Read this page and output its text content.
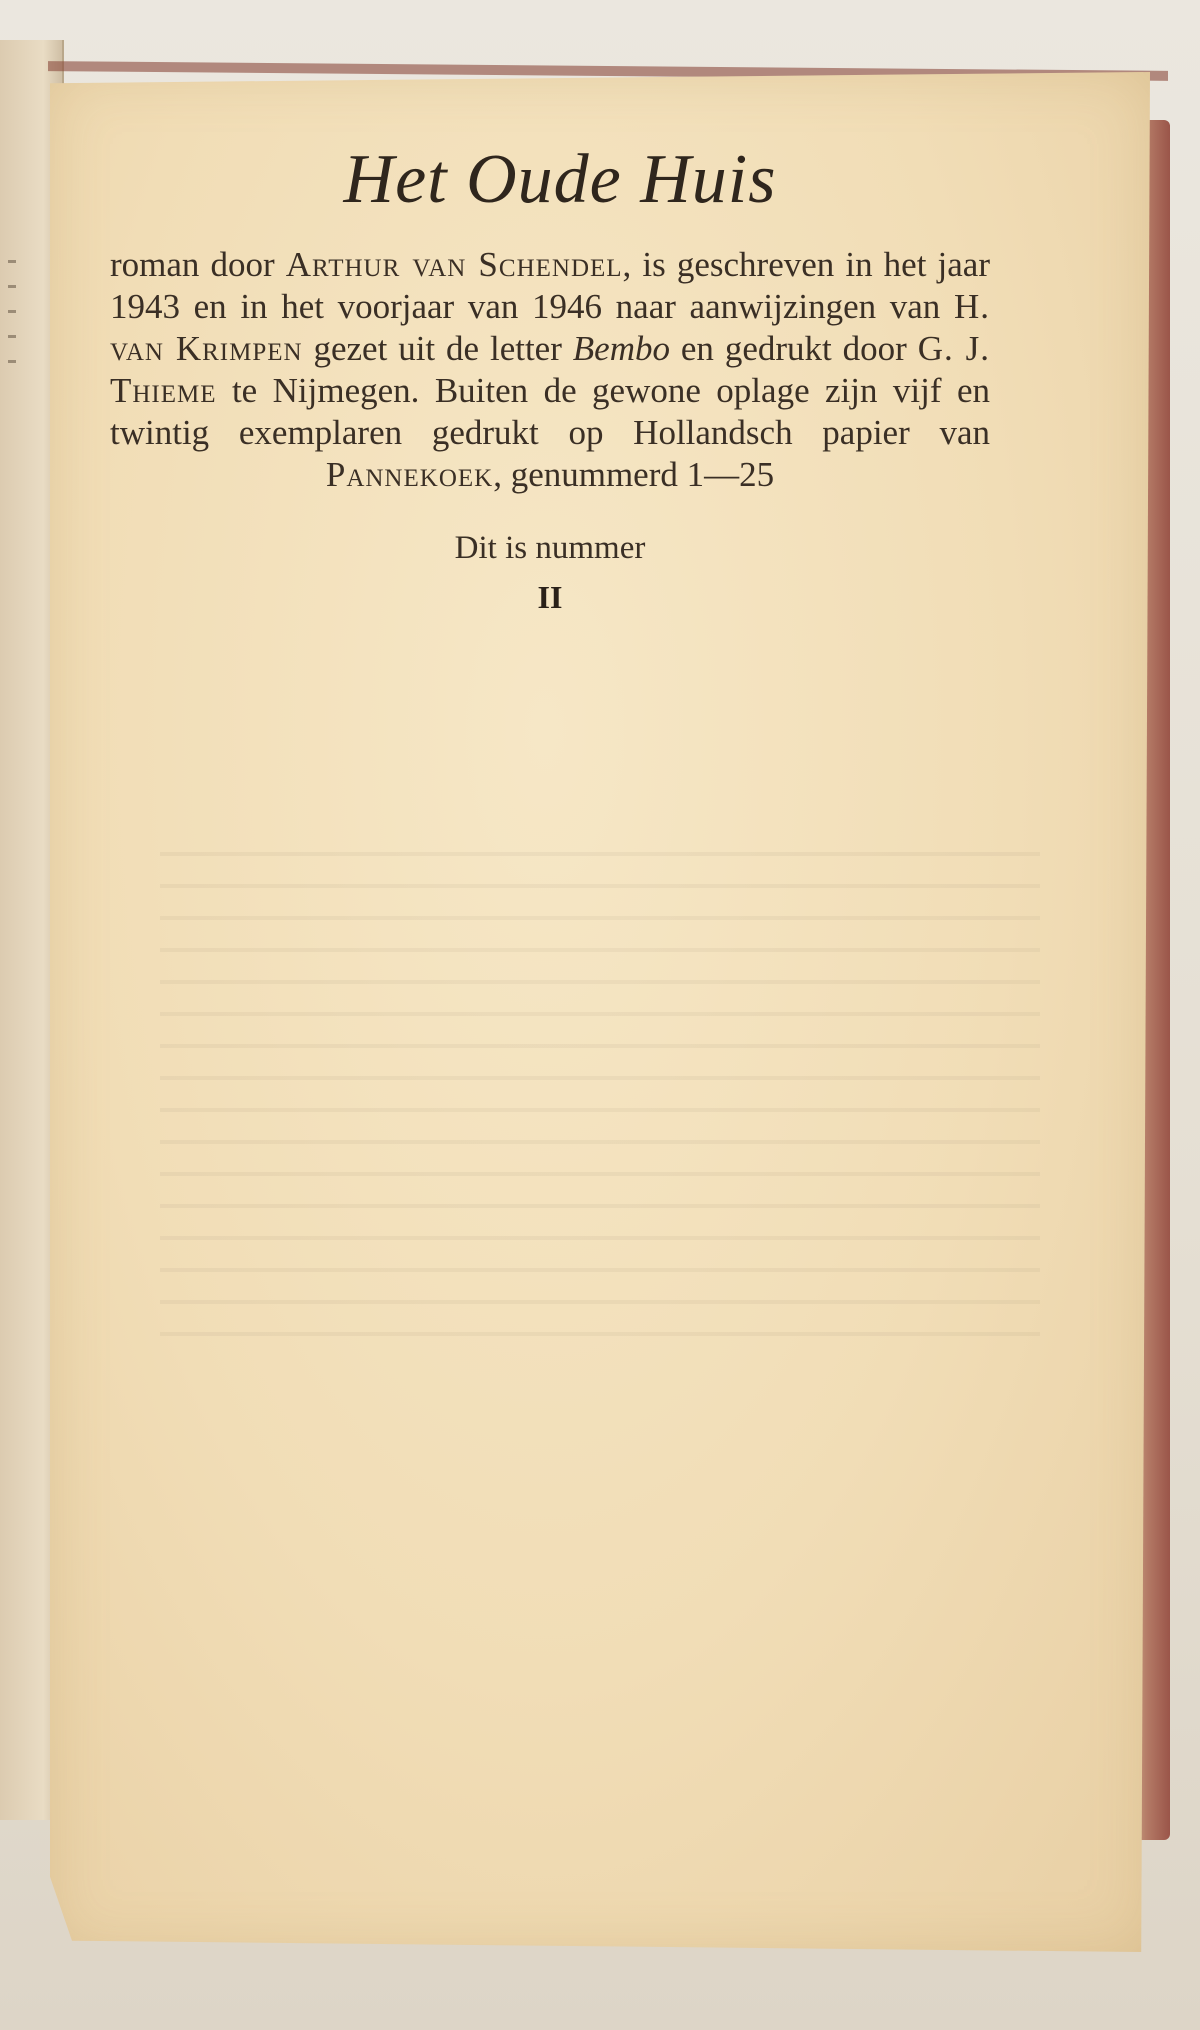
Het Oude Huis

roman door Arthur van Schendel, is geschreven in het jaar 1943 en in het voorjaar van 1946 naar aanwijzingen van H. van Krimpen gezet uit de letter Bembo en gedrukt door G. J. Thieme te Nijmegen. Buiten de gewone oplage zijn vijf en twintig exemplaren gedrukt op Hollandsch papier van Pannekoek, genummerd 1—25

Dit is nummer

II
